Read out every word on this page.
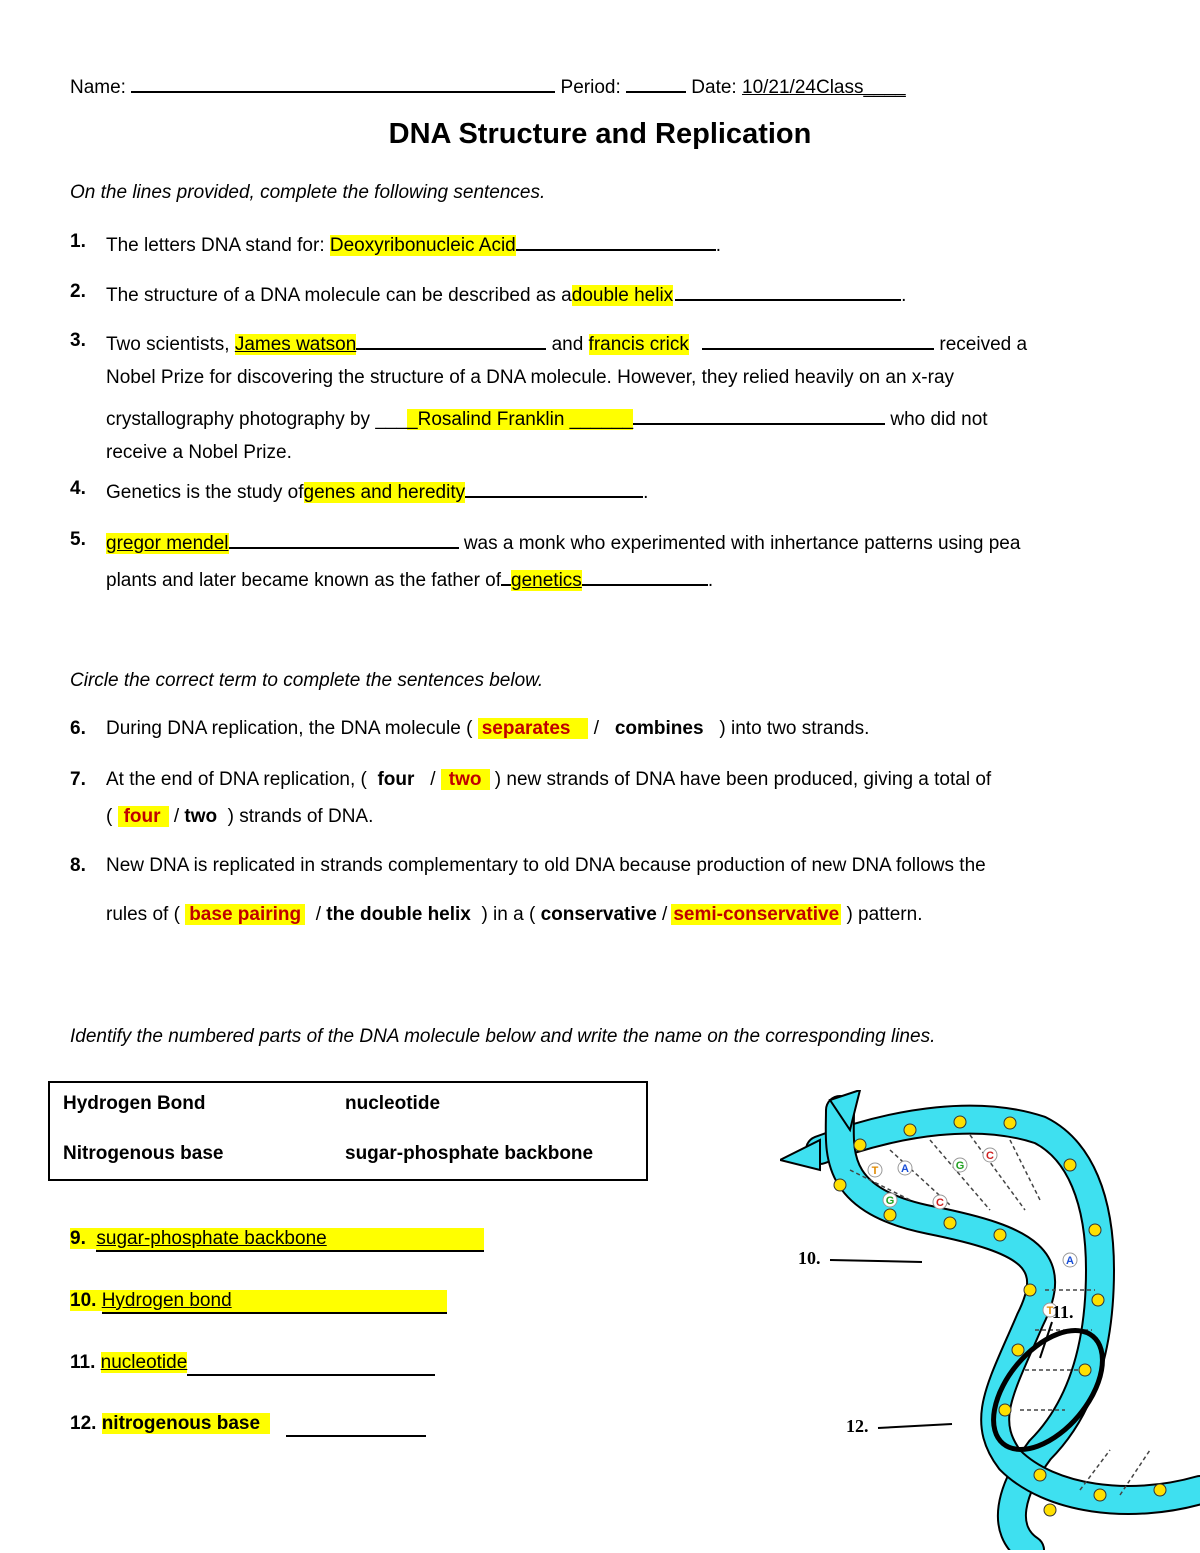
Name:	Period:	Date: 10/21/24Class____
DNA Structure and Replication
On the lines provided, complete the following sentences.
1. The letters DNA stand for: Deoxyribonucleic Acid	.
2. The structure of a DNA molecule can be described as adouble helix	.
3. Two scientists, James watson	and francis crick	received a
Nobel Prize for discovering the structure of a DNA molecule. However, they relied heavily on an x-ray
crystallography photography by ____Rosalind Franklin ______	who did not
receive a Nobel Prize.
4. Genetics is the study ofgenes and heredity	.
5. gregor mendel	was a monk who experimented with inhertance patterns using pea
plants and later became known as the father of genetics	.
Circle the correct term to complete the sentences below.
6. During DNA replication, the DNA molecule ( separates / combines ) into two strands.
7. At the end of DNA replication, ( four / two ) new strands of DNA have been produced, giving a total of
( four / two ) strands of DNA.
8. New DNA is replicated in strands complementary to old DNA because production of new DNA follows the
rules of ( base pairing / the double helix ) in a ( conservative / semi-conservative ) pattern.
Identify the numbered parts of the DNA molecule below and write the name on the corresponding lines.
Hydrogen Bond	nucleotide
Nitrogenous base	sugar-phosphate backbone
9. sugar-phosphate backbone
10. Hydrogen bond
11. nucleotide
12. nitrogenous base
T A	G
C
C
G
A
T
10.
11.
12.
